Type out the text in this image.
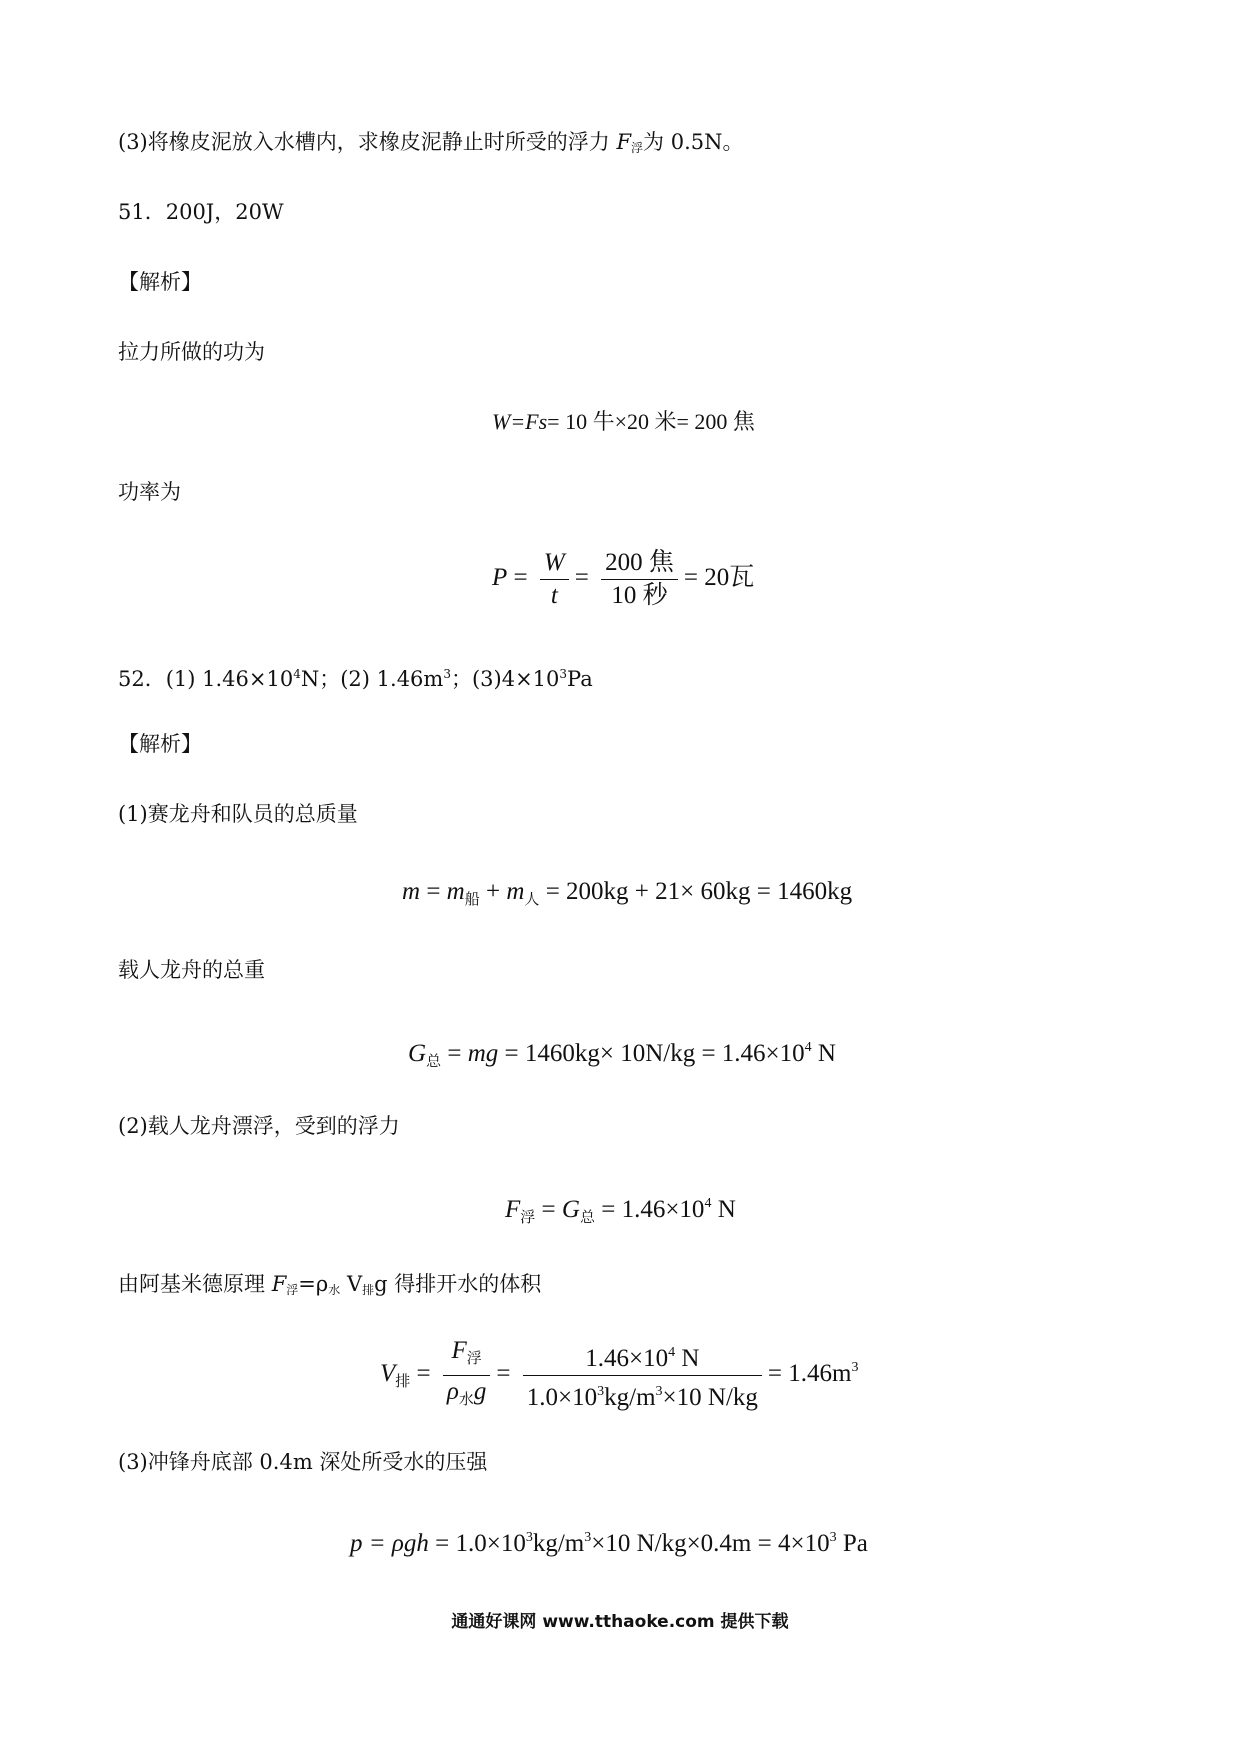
(3)将橡皮泥放入水槽内，求橡皮泥静止时所受的浮力 F浮为 0.5N。
51．200J，20W
【解析】
拉力所做的功为
W=Fs= 10 牛×20 米= 200 焦
功率为
$P = \frac{W}{t} = \frac{\text{200 焦}}{\text{10 秒}} = 20$瓦
52．(1) $1.46\times 10^4N$；(2) $1.46m^3$；$(3)4\times 10^3Pa$
【解析】
(1)赛龙舟和队员的总质量
$m = m_船 + m_人 = 200kg + 21\times 60kg = 1460kg$
载人龙舟的总重
$G_总$ = mg = $1460kg\times 10N/kg = 1.46\times 10^4$ N
(2)载人龙舟漂浮，受到的浮力
$F_浮 = G_总 = 1.46\times 10^4$ N
由阿基米德原理 F浮=ρ水 V排g 得排开水的体积
$V_排 = \frac{F_浮}{\rho_水g} = \frac{1.46\times 10^4 N}{1.0\times 10^3kg/m^3\times 10 N/kg} = 1.46m^3$
(3)冲锋舟底部 0.4m 深处所受水的压强
$p = \rho gh = 1.0\times 10^3kg/m^3\times 10$ $N/kg\times 0.4m = 4\times 10^3$ Pa
通通好课网 www.tthaoke.com 提供下载
